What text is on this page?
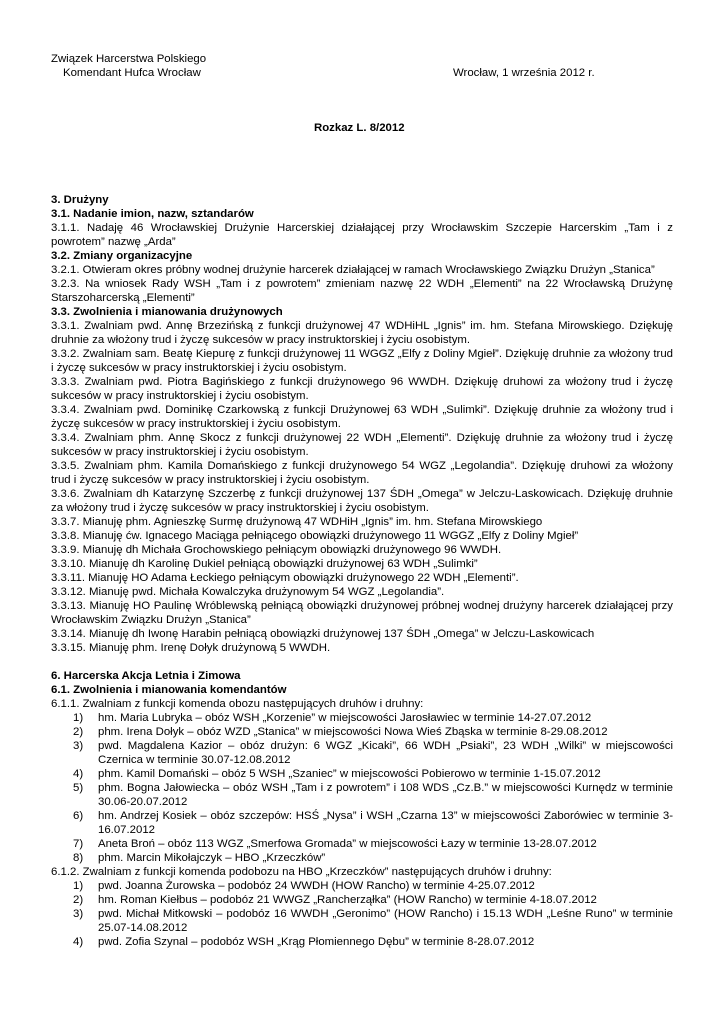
Związek Harcerstwa Polskiego
Komendant Hufca Wrocław	Wrocław, 1 września 2012 r.
Rozkaz L. 8/2012

3. Drużyny

3.1. Nadanie imion, nazw, sztandarów

3.1.1. Nadaję 46 Wrocławskiej Drużynie Harcerskiej działającej przy Wrocławskim Szczepie Harcerskim „Tam i z powrotem” nazwę „Arda”

3.2. Zmiany organizacyjne

3.2.1. Otwieram okres próbny wodnej drużynie harcerek działającej w ramach Wrocławskiego Związku Drużyn „Stanica”

3.2.3. Na wniosek Rady WSH „Tam i z powrotem” zmieniam nazwę 22 WDH „Elementi” na 22 Wrocławską Drużynę Starszoharcerską „Elementi”

3.3. Zwolnienia i mianowania drużynowych

3.3.1. Zwalniam pwd. Annę Brzezińską z funkcji drużynowej 47 WDHiHL „Ignis” im. hm. Stefana Mirowskiego. Dziękuję druhnie za włożony trud i życzę sukcesów w pracy instruktorskiej i życiu osobistym.

3.3.2. Zwalniam sam. Beatę Kiepurę z funkcji drużynowej 11 WGGZ „Elfy z Doliny Mgieł”. Dziękuję druhnie za włożony trud i życzę sukcesów w pracy instruktorskiej i życiu osobistym.

3.3.3. Zwalniam pwd. Piotra Bagińskiego z funkcji drużynowego 96 WWDH. Dziękuję druhowi za włożony trud i życzę sukcesów w pracy instruktorskiej i życiu osobistym.

3.3.4. Zwalniam pwd. Dominikę Czarkowską z funkcji Drużynowej 63 WDH „Sulimki”. Dziękuję druhnie za włożony trud i życzę sukcesów w pracy instruktorskiej i życiu osobistym.

3.3.4. Zwalniam phm. Annę Skocz z funkcji drużynowej 22 WDH „Elementi”. Dziękuję druhnie za włożony trud i życzę sukcesów w pracy instruktorskiej i życiu osobistym.

3.3.5. Zwalniam phm. Kamila Domańskiego z funkcji drużynowego 54 WGZ „Legolandia”. Dziękuję druhowi za włożony trud i życzę sukcesów w pracy instruktorskiej i życiu osobistym.

3.3.6. Zwalniam dh Katarzynę Szczerbę z funkcji drużynowej 137 ŚDH „Omega” w Jelczu-Laskowicach. Dziękuję druhnie za włożony trud i życzę sukcesów w pracy instruktorskiej i życiu osobistym.

3.3.7. Mianuję phm. Agnieszkę Surmę drużynową 47 WDHiH „Ignis” im. hm. Stefana Mirowskiego

3.3.8. Mianuję ćw. Ignacego Maciąga pełniącego obowiązki drużynowego 11 WGGZ „Elfy z Doliny Mgieł”

3.3.9. Mianuję dh Michała Grochowskiego pełniącym obowiązki drużynowego 96 WWDH.

3.3.10. Mianuję dh Karolinę Dukiel pełniącą obowiązki drużynowej 63 WDH „Sulimki”

3.3.11. Mianuję HO Adama Łeckiego pełniącym obowiązki drużynowego 22 WDH „Elementi”.

3.3.12. Mianuję pwd. Michała Kowalczyka drużynowym 54 WGZ „Legolandia”.

3.3.13. Mianuję HO Paulinę Wróblewską pełniącą obowiązki drużynowej próbnej wodnej drużyny harcerek działającej przy Wrocławskim Związku Drużyn „Stanica”

3.3.14. Mianuję dh Iwonę Harabin pełniącą obowiązki drużynowej 137 ŚDH „Omega” w Jelczu-Laskowicach

3.3.15. Mianuję phm. Irenę Dołyk drużynową 5 WWDH.

6. Harcerska Akcja Letnia i Zimowa

6.1. Zwolnienia i mianowania komendantów

6.1.1. Zwalniam z funkcji komenda obozu następujących druhów i druhny:

1) hm. Maria Lubryka – obóz WSH „Korzenie” w miejscowości Jarosławiec w terminie 14-27.07.2012
2) phm. Irena Dołyk – obóz WZD „Stanica” w miejscowości Nowa Wieś Zbąska w terminie 8-29.08.2012
3) pwd. Magdalena Kazior – obóz drużyn: 6 WGZ „Kicaki”, 66 WDH „Psiaki”, 23 WDH „Wilki” w miejscowości Czernica w terminie 30.07-12.08.2012
4) phm. Kamil Domański – obóz 5 WSH „Szaniec” w miejscowości Pobierowo w terminie 1-15.07.2012
5) phm. Bogna Jałowiecka – obóz WSH „Tam i z powrotem” i 108 WDS „Cz.B.” w miejscowości Kurnędz w terminie 30.06-20.07.2012
6) hm. Andrzej Kosiek – obóz szczepów: HSŚ „Nysa” i WSH „Czarna 13” w miejscowości Zaborówiec w terminie 3-16.07.2012
7) Aneta Broń – obóz 113 WGZ „Smerfowa Gromada” w miejscowości Łazy w terminie 13-28.07.2012
8) phm. Marcin Mikołajczyk – HBO „Krzeczków”

6.1.2. Zwalniam z funkcji komenda podobozu na HBO „Krzeczków” następujących druhów i druhny:

1) pwd. Joanna Żurowska – podobóz 24 WWDH (HOW Rancho) w terminie 4-25.07.2012
2) hm. Roman Kiełbus – podobóz 21 WWGZ „Rancherząłka” (HOW Rancho) w terminie 4-18.07.2012
3) pwd. Michał Mitkowski – podobóz 16 WWDH „Geronimo” (HOW Rancho) i 15.13 WDH „Leśne Runo” w terminie 25.07-14.08.2012
4) pwd. Zofia Szynal – podobóz WSH „Krąg Płomiennego Dębu” w terminie 8-28.07.2012
